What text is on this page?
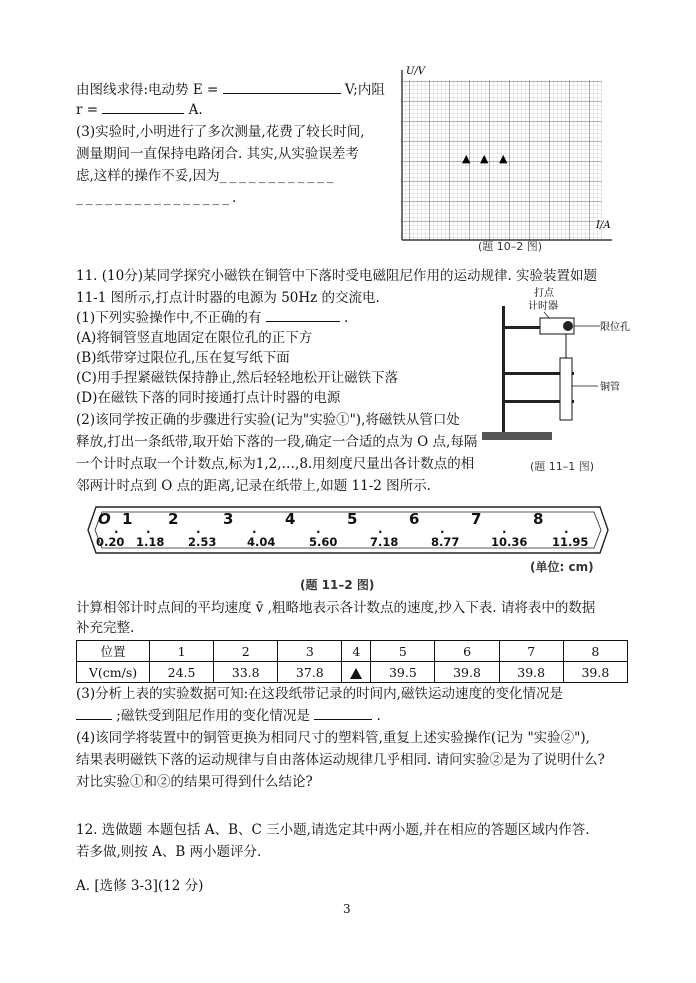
由图线求得:电动势 E =	V;内阻
r =	A.
(3)实验时,小明进行了多次测量,花费了较长时间,
测量期间一直保持电路闭合. 其实,从实验误差考
虑,这样的操作不妥,因为____________
________________.
U/V
I/A
▲ ▲ ▲
(题 10–2 图)
11. (10分)某同学探究小磁铁在铜管中下落时受电磁阻尼作用的运动规律. 实验装置如题
11-1 图所示,打点计时器的电源为 50Hz 的交流电.
(1)下列实验操作中,不正确的有	.
(A)将铜管竖直地固定在限位孔的正下方
(B)纸带穿过限位孔,压在复写纸下面
(C)用手捏紧磁铁保持静止,然后轻轻地松开让磁铁下落
(D)在磁铁下落的同时接通打点计时器的电源
(2)该同学按正确的步骤进行实验(记为"实验①"),将磁铁从管口处
释放,打出一条纸带,取开始下落的一段,确定一合适的点为 O 点,每隔
一个计时点取一个计数点,标为1,2,…,8.用刻度尺量出各计数点的相
邻两计时点到 O 点的距离,记录在纸带上,如题 11-2 图所示.
打点
计时器
限位孔
铜管
(题 11–1 图)
O 1 2	3	4	5	6	7	8
0.20 1.18 2.53	4.04	5.60	7.18	8.77	10.36 11.95
· ·	·	·	·	·	·	·	·
(单位: cm)
(题 11–2 图)
计算相邻计时点间的平均速度 v̄ ,粗略地表示各计数点的速度,抄入下表. 请将表中的数据
补充完整.
位置	1	2	3	4	5	6	7	8
V(cm/s)	24.5	33.8	37.8		39.5	39.8	39.8	39.8
(3)分析上表的实验数据可知:在这段纸带记录的时间内,磁铁运动速度的变化情况是
;磁铁受到阻尼作用的变化情况是	.
(4)该同学将装置中的铜管更换为相同尺寸的塑料管,重复上述实验操作(记为 "实验②"),
结果表明磁铁下落的运动规律与自由落体运动规律几乎相同. 请问实验②是为了说明什么?
对比实验①和②的结果可得到什么结论?
12. 选做题 本题包括 A、B、C 三小题,请选定其中两小题,并在相应的答题区域内作答.
若多做,则按 A、B 两小题评分.
A. [选修 3-3](12 分)
3
